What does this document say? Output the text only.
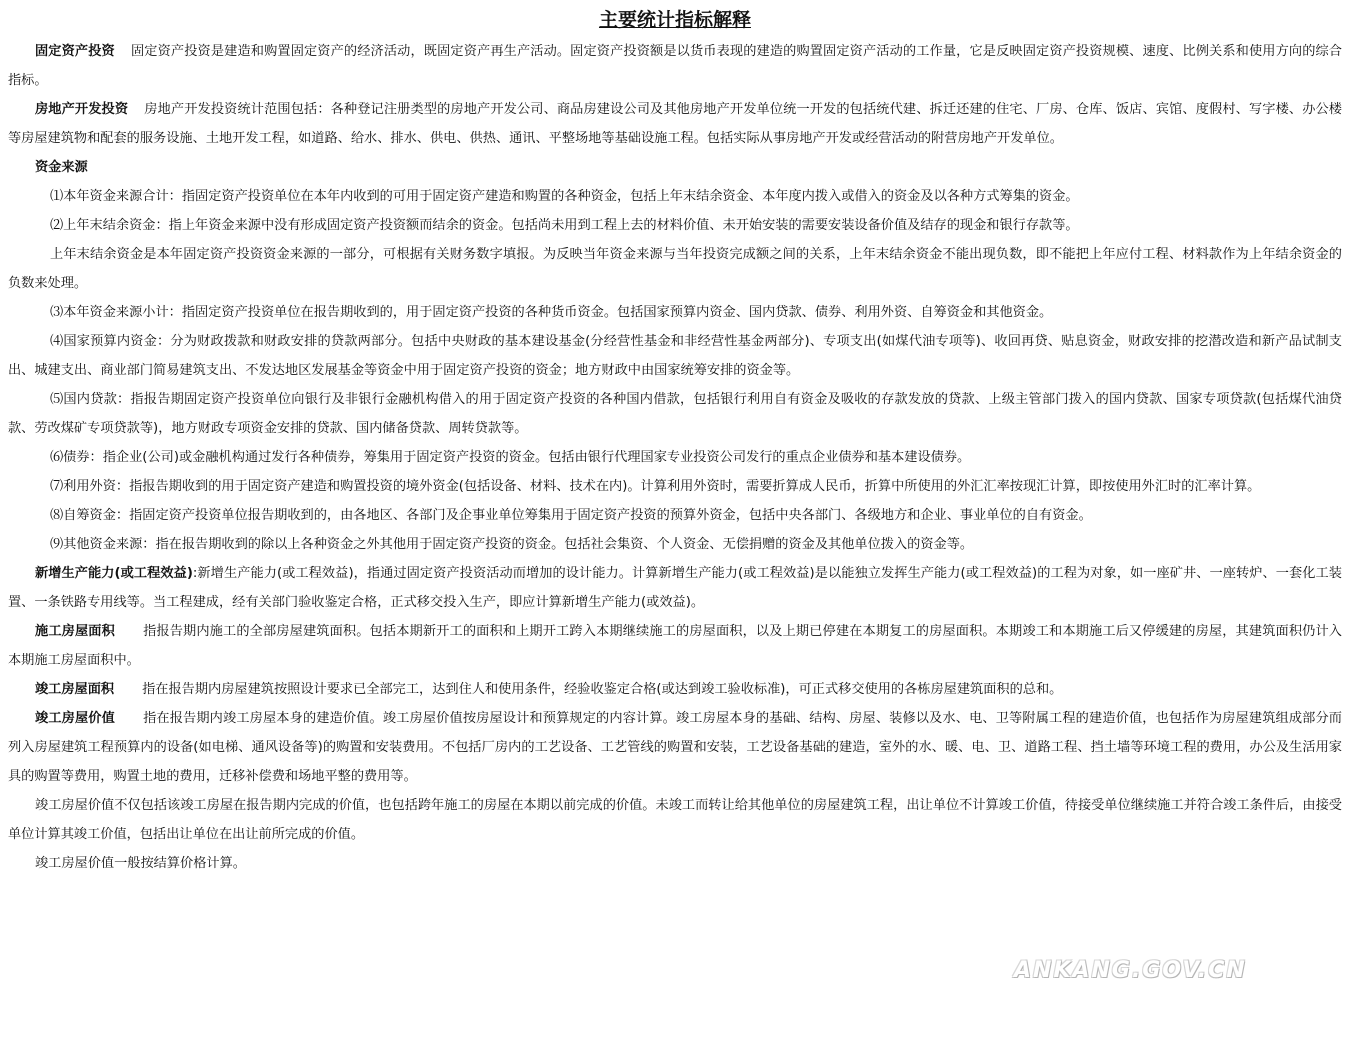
主要统计指标解释

固定资产投资 固定资产投资是建造和购置固定资产的经济活动，既固定资产再生产活动。固定资产投资额是以货币表现的建造的购置固定资产活动的工作量，它是反映固定资产投资规模、速度、比例关系和使用方向的综合指标。

房地产开发投资 房地产开发投资统计范围包括：各种登记注册类型的房地产开发公司、商品房建设公司及其他房地产开发单位统一开发的包括统代建、拆迁还建的住宅、厂房、仓库、饭店、宾馆、度假村、写字楼、办公楼等房屋建筑物和配套的服务设施、土地开发工程，如道路、给水、排水、供电、供热、通讯、平整场地等基础设施工程。包括实际从事房地产开发或经营活动的附营房地产开发单位。

资金来源

⑴本年资金来源合计：指固定资产投资单位在本年内收到的可用于固定资产建造和购置的各种资金，包括上年末结余资金、本年度内拨入或借入的资金及以各种方式筹集的资金。

⑵上年末结余资金：指上年资金来源中没有形成固定资产投资额而结余的资金。包括尚未用到工程上去的材料价值、未开始安装的需要安装设备价值及结存的现金和银行存款等。

上年末结余资金是本年固定资产投资资金来源的一部分，可根据有关财务数字填报。为反映当年资金来源与当年投资完成额之间的关系，上年末结余资金不能出现负数，即不能把上年应付工程、材料款作为上年结余资金的负数来处理。

⑶本年资金来源小计：指固定资产投资单位在报告期收到的，用于固定资产投资的各种货币资金。包括国家预算内资金、国内贷款、债券、利用外资、自筹资金和其他资金。

⑷国家预算内资金：分为财政拨款和财政安排的贷款两部分。包括中央财政的基本建设基金(分经营性基金和非经营性基金两部分)、专项支出(如煤代油专项等)、收回再贷、贴息资金，财政安排的挖潜改造和新产品试制支出、城建支出、商业部门简易建筑支出、不发达地区发展基金等资金中用于固定资产投资的资金；地方财政中由国家统筹安排的资金等。

⑸国内贷款：指报告期固定资产投资单位向银行及非银行金融机构借入的用于固定资产投资的各种国内借款，包括银行利用自有资金及吸收的存款发放的贷款、上级主管部门拨入的国内贷款、国家专项贷款(包括煤代油贷款、劳改煤矿专项贷款等)，地方财政专项资金安排的贷款、国内储备贷款、周转贷款等。

⑹债券：指企业(公司)或金融机构通过发行各种债券，筹集用于固定资产投资的资金。包括由银行代理国家专业投资公司发行的重点企业债券和基本建设债券。

⑺利用外资：指报告期收到的用于固定资产建造和购置投资的境外资金(包括设备、材料、技术在内)。计算利用外资时，需要折算成人民币，折算中所使用的外汇汇率按现汇计算，即按使用外汇时的汇率计算。

⑻自筹资金：指固定资产投资单位报告期收到的，由各地区、各部门及企事业单位筹集用于固定资产投资的预算外资金，包括中央各部门、各级地方和企业、事业单位的自有资金。

⑼其他资金来源：指在报告期收到的除以上各种资金之外其他用于固定资产投资的资金。包括社会集资、个人资金、无偿捐赠的资金及其他单位拨入的资金等。

新增生产能力(或工程效益):新增生产能力(或工程效益)，指通过固定资产投资活动而增加的设计能力。计算新增生产能力(或工程效益)是以能独立发挥生产能力(或工程效益)的工程为对象，如一座矿井、一座转炉、一套化工装置、一条铁路专用线等。当工程建成，经有关部门验收鉴定合格，正式移交投入生产，即应计算新增生产能力(或效益)。

施工房屋面积 指报告期内施工的全部房屋建筑面积。包括本期新开工的面积和上期开工跨入本期继续施工的房屋面积，以及上期已停建在本期复工的房屋面积。本期竣工和本期施工后又停缓建的房屋，其建筑面积仍计入本期施工房屋面积中。

竣工房屋面积 指在报告期内房屋建筑按照设计要求已全部完工，达到住人和使用条件，经验收鉴定合格(或达到竣工验收标准)，可正式移交使用的各栋房屋建筑面积的总和。

竣工房屋价值 指在报告期内竣工房屋本身的建造价值。竣工房屋价值按房屋设计和预算规定的内容计算。竣工房屋本身的基础、结构、房屋、装修以及水、电、卫等附属工程的建造价值，也包括作为房屋建筑组成部分而列入房屋建筑工程预算内的设备(如电梯、通风设备等)的购置和安装费用。不包括厂房内的工艺设备、工艺管线的购置和安装，工艺设备基础的建造，室外的水、暖、电、卫、道路工程、挡土墙等环境工程的费用，办公及生活用家具的购置等费用，购置土地的费用，迁移补偿费和场地平整的费用等。

竣工房屋价值不仅包括该竣工房屋在报告期内完成的价值，也包括跨年施工的房屋在本期以前完成的价值。未竣工而转让给其他单位的房屋建筑工程，出让单位不计算竣工价值，待接受单位继续施工并符合竣工条件后，由接受单位计算其竣工价值，包括出让单位在出让前所完成的价值。

竣工房屋价值一般按结算价格计算。

ANKANG.GOV.CN
